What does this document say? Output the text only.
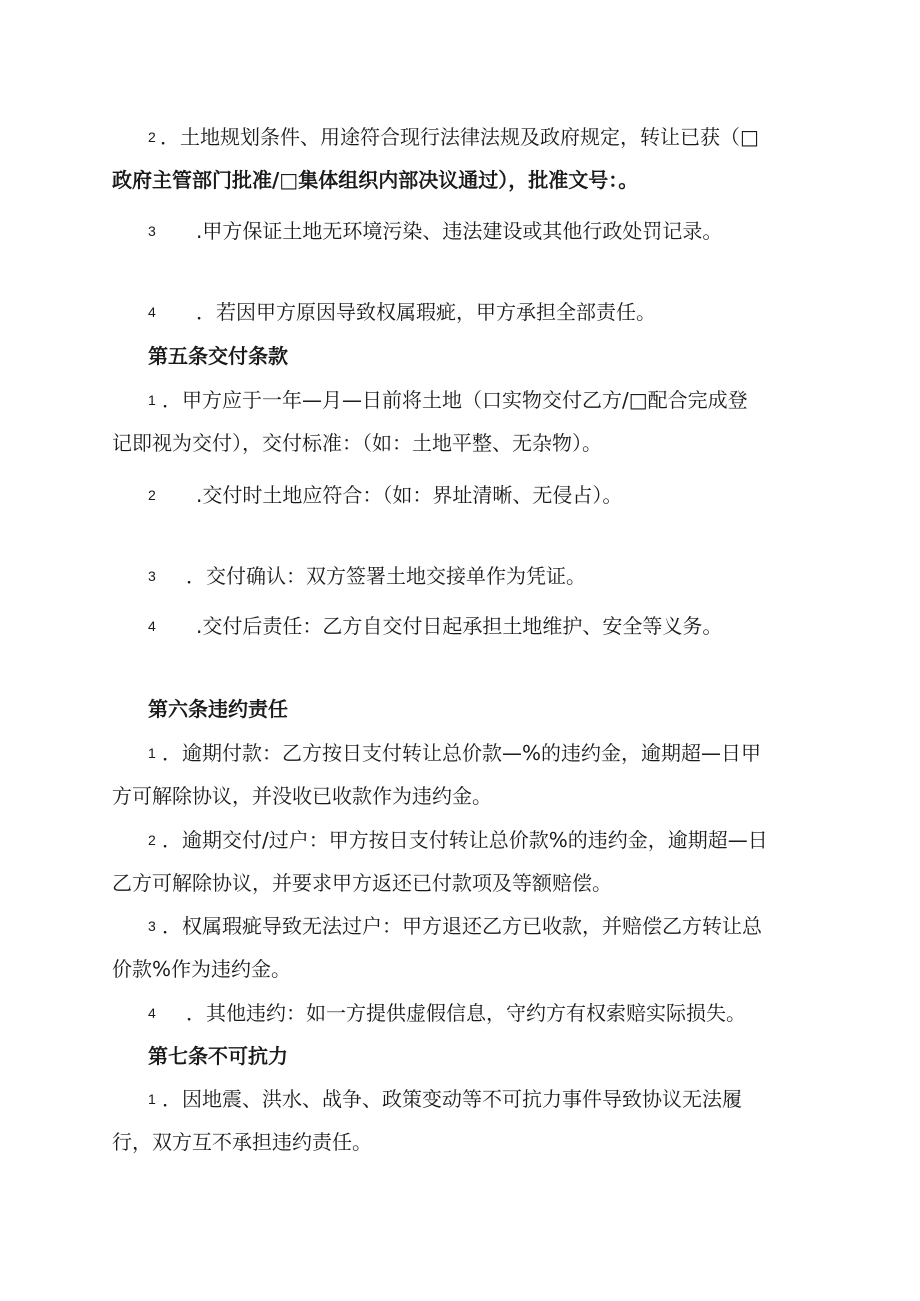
2 ．土地规划条件、用途符合现行法律法规及政府规定，转让已获（□
政府主管部门批准/□集体组织内部决议通过），批准文号：。
3 .甲方保证土地无环境污染、违法建设或其他行政处罚记录。
4 ．若因甲方原因导致权属瑕疵，甲方承担全部责任。
第五条交付条款
1 ．甲方应于一年—月—日前将土地（口实物交付乙方/□配合完成登
记即视为交付），交付标准：（如：土地平整、无杂物）。
2 .交付时土地应符合：（如：界址清晰、无侵占）。
3 ．交付确认：双方签署土地交接单作为凭证。
4 .交付后责任：乙方自交付日起承担土地维护、安全等义务。
第六条违约责任
1 ．逾期付款：乙方按日支付转让总价款—%的违约金，逾期超—日甲
方可解除协议，并没收已收款作为违约金。
2 ．逾期交付/过户：甲方按日支付转让总价款%的违约金，逾期超—日
乙方可解除协议，并要求甲方返还已付款项及等额赔偿。
3 ．权属瑕疵导致无法过户：甲方退还乙方已收款，并赔偿乙方转让总
价款%作为违约金。
4 ．其他违约：如一方提供虚假信息，守约方有权索赔实际损失。
第七条不可抗力
1 ．因地震、洪水、战争、政策变动等不可抗力事件导致协议无法履
行，双方互不承担违约责任。
